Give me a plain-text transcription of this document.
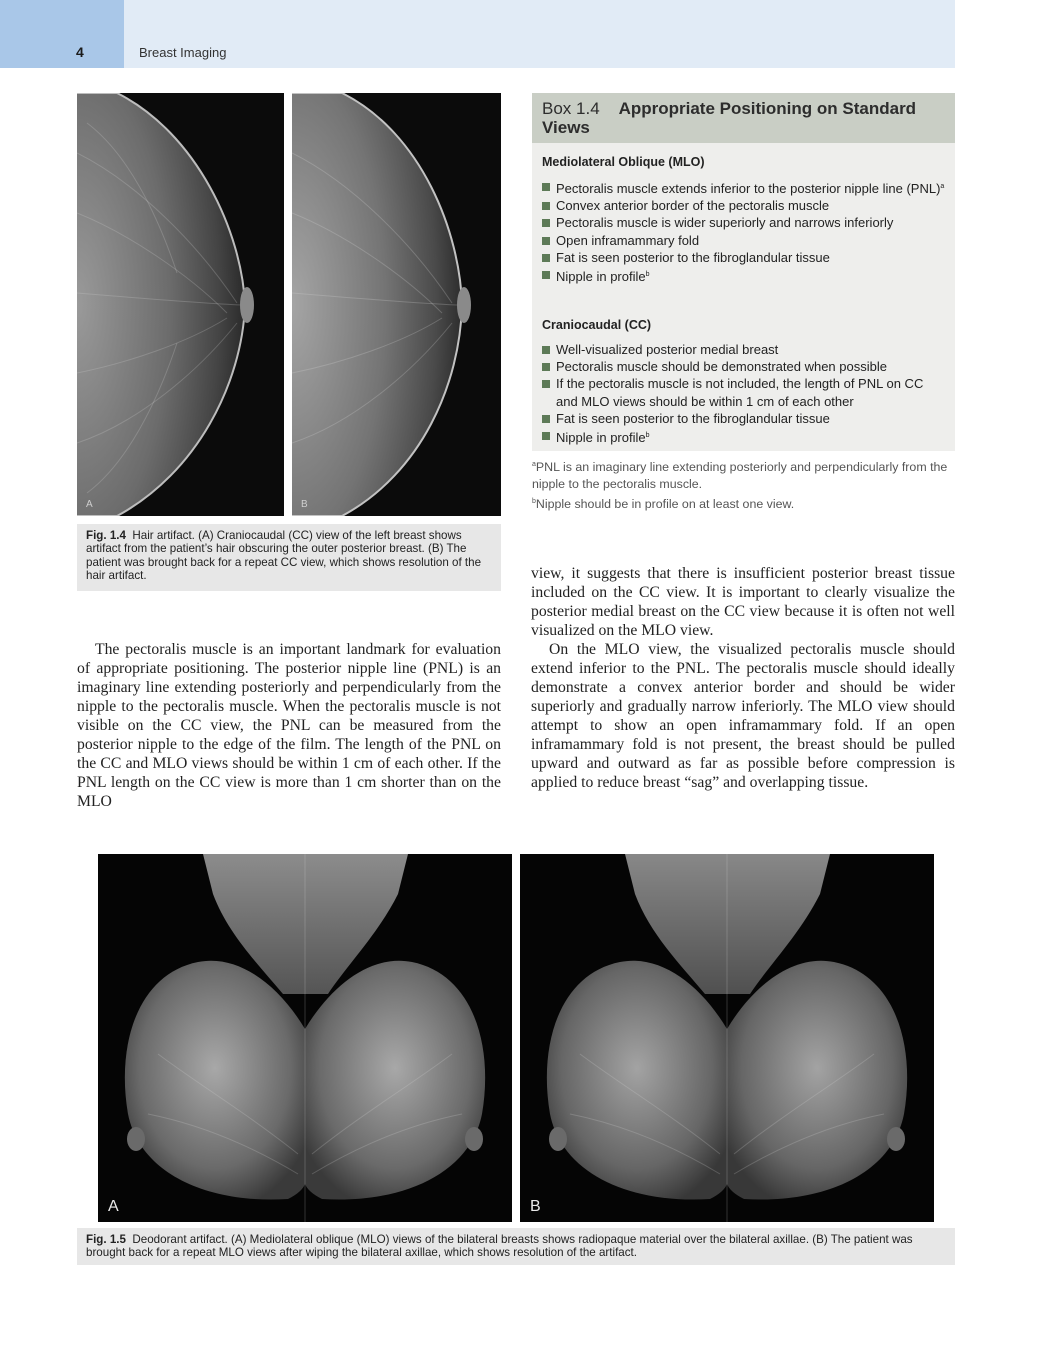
4	Breast Imaging
A	B
Fig. 1.4 Hair artifact. (A) Craniocaudal (CC) view of the left breast shows artifact from the patient’s hair obscuring the outer posterior breast. (B) The patient was brought back for a repeat CC view, which shows resolution of the hair artifact.
Box 1.4 Appropriate Positioning on Standard Views
Mediolateral Oblique (MLO)
Pectoralis muscle extends inferior to the posterior nipple line (PNL)$^a$
Convex anterior border of the pectoralis muscle
Pectoralis muscle is wider superiorly and narrows inferiorly
Open inframammary fold
Fat is seen posterior to the fibroglandular tissue
Nipple in profile$^b$
Craniocaudal (CC)
Well-visualized posterior medial breast
Pectoralis muscle should be demonstrated when possible
If the pectoralis muscle is not included, the length of PNL on CC and MLO views should be within 1 cm of each other
Fat is seen posterior to the fibroglandular tissue
Nipple in profile$^b$

$^a$PNL is an imaginary line extending posteriorly and perpendicularly from the nipple to the pectoralis muscle.

$^b$Nipple should be in profile on at least one view.

The pectoralis muscle is an important landmark for evaluation of appropriate positioning. The posterior nipple line (PNL) is an imaginary line extending posteriorly and perpendicularly from the nipple to the pectoralis muscle. When the pectoralis muscle is not visible on the CC view, the PNL can be measured from the posterior nipple to the edge of the film. The length of the PNL on the CC and MLO views should be within 1 cm of each other. If the PNL length on the CC view is more than 1 cm shorter than on the MLO

view, it suggests that there is insufficient posterior breast tissue included on the CC view. It is important to clearly visualize the posterior medial breast on the CC view because it is often not well visualized on the MLO view.

On the MLO view, the visualized pectoralis muscle should extend inferior to the PNL. The pectoralis muscle should ideally demonstrate a convex anterior border and should be wider superiorly and gradually narrow inferiorly. The MLO view should attempt to show an open inframammary fold. If an open inframammary fold is not present, the breast should be pulled upward and outward as far as possible before compression is applied to reduce breast “sag” and overlapping tissue.

A	B
Fig. 1.5 Deodorant artifact. (A) Mediolateral oblique (MLO) views of the bilateral breasts shows radiopaque material over the bilateral axillae. (B) The patient was brought back for a repeat MLO views after wiping the bilateral axillae, which shows resolution of the artifact.
